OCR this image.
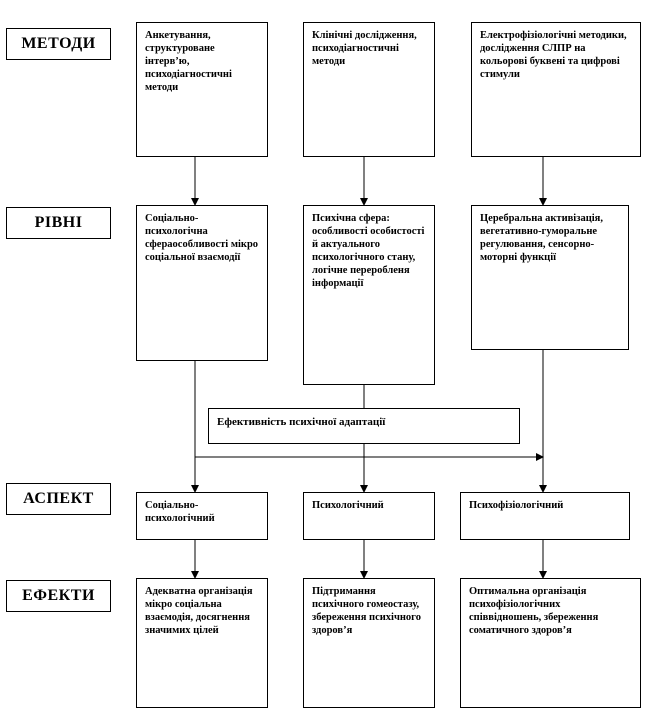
МЕТОДИ
РІВНІ
АСПЕКТ
ЕФЕКТИ
Анкетування, структуроване інтерв’ю, психодіагностичні методи
Клінічні дослідження, психодіагностичні методи
Електрофізіологічні методики, дослідження СЛПР на кольорові буквені та цифрові стимули
Соціально-психологічна сфераособливості мікро соціальної взаємодії
Психічна сфера: особливості особистості й актуального психологічного стану, логічне переробленя інформації
Церебральна активізація, вегетативно-гуморальне регулювання, сенсорно-моторні функції
Ефективність психічної адаптації
Соціально-психологічний
Психологічний	Психофізіологічний
Адекватна організація мікро соціальна взаємодія, досягнення значимих цілей
Підтримання психічного гомеостазу, збереження психічного здоров’я
Оптимальна організація психофізіологічних співвідношень, збереження соматичного здоров’я
